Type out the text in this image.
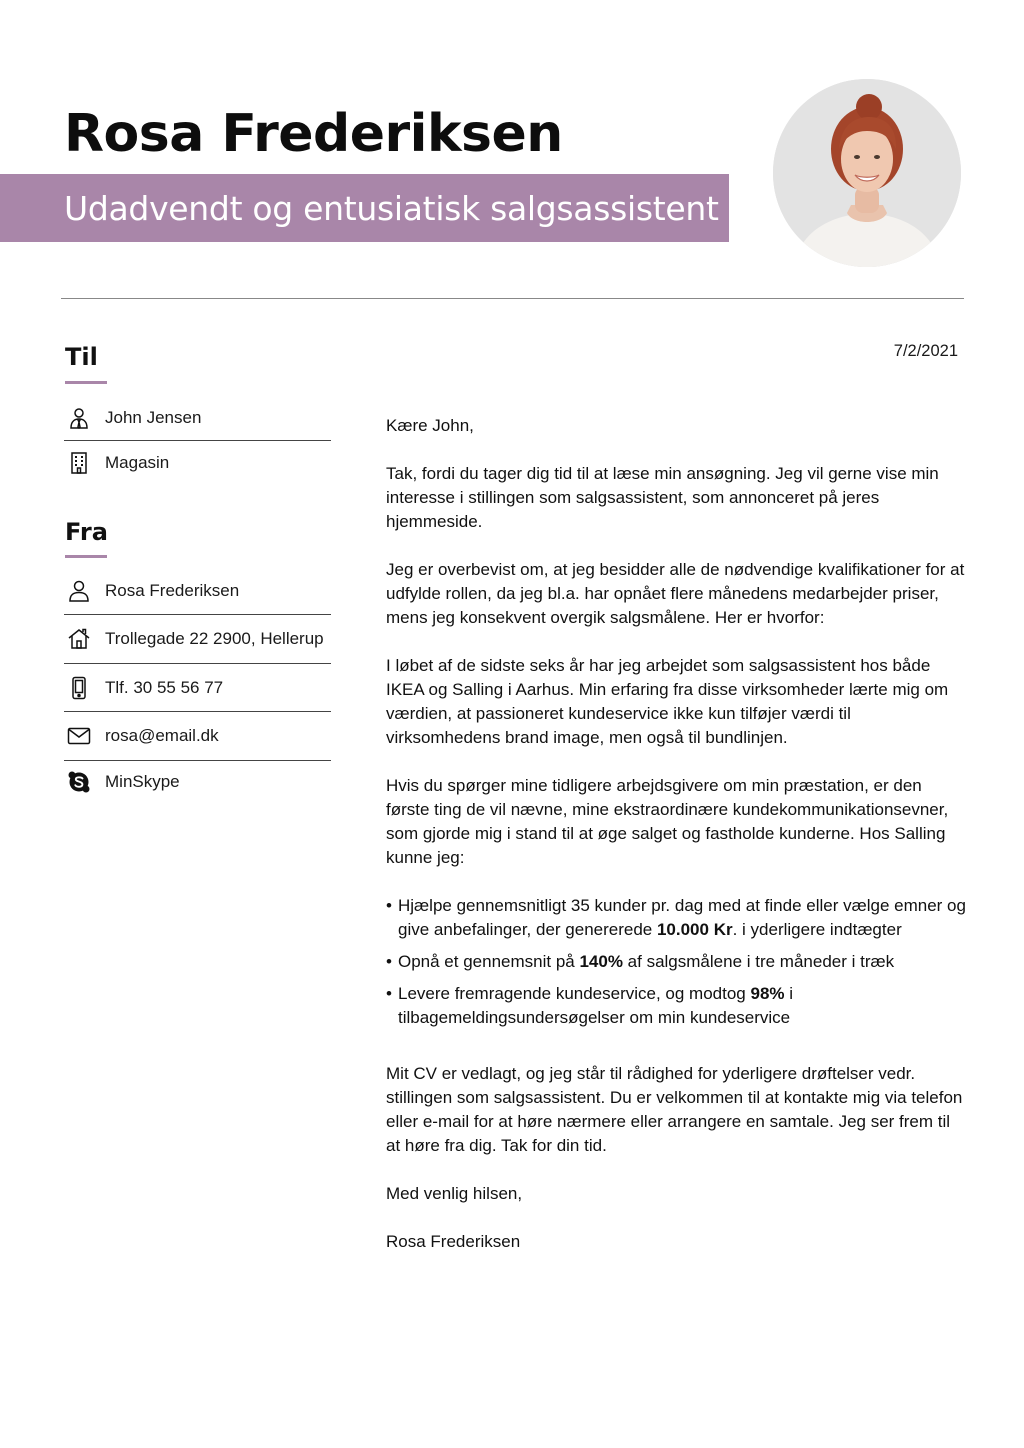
Rosa Frederiksen
Udadvendt og entusiatisk salgsassistent
Til
John Jensen
Magasin
Fra
Rosa Frederiksen
Trollegade 22 2900, Hellerup
Tlf. 30 55 56 77
rosa@email.dk
MinSkype
7/2/2021

Kære John,

Tak, fordi du tager dig tid til at læse min ansøgning. Jeg vil gerne vise min interesse i stillingen som salgsassistent, som annonceret på jeres hjemmeside.

Jeg er overbevist om, at jeg besidder alle de nødvendige kvalifikationer for at udfylde rollen, da jeg bl.a. har opnået flere månedens medarbejder priser, mens jeg konsekvent overgik salgsmålene. Her er hvorfor:

I løbet af de sidste seks år har jeg arbejdet som salgsassistent hos både IKEA og Salling i Aarhus. Min erfaring fra disse virksomheder lærte mig om værdien, at passioneret kundeservice ikke kun tilføjer værdi til virksomhedens brand image, men også til bundlinjen.

Hvis du spørger mine tidligere arbejdsgivere om min præstation, er den første ting de vil nævne, mine ekstraordinære kundekommunikationsevner, som gjorde mig i stand til at øge salget og fastholde kunderne. Hos Salling kunne jeg:

• Hjælpe gennemsnitligt 35 kunder pr. dag med at finde eller vælge emner og give anbefalinger, der genererede 10.000 Kr. i yderligere indtægter
• Opnå et gennemsnit på 140% af salgsmålene i tre måneder i træk
• Levere fremragende kundeservice, og modtog 98% i tilbagemeldingsundersøgelser om min kundeservice

Mit CV er vedlagt, og jeg står til rådighed for yderligere drøftelser vedr. stillingen som salgsassistent. Du er velkommen til at kontakte mig via telefon eller e-mail for at høre nærmere eller arrangere en samtale. Jeg ser frem til at høre fra dig. Tak for din tid.

Med venlig hilsen,

Rosa Frederiksen
